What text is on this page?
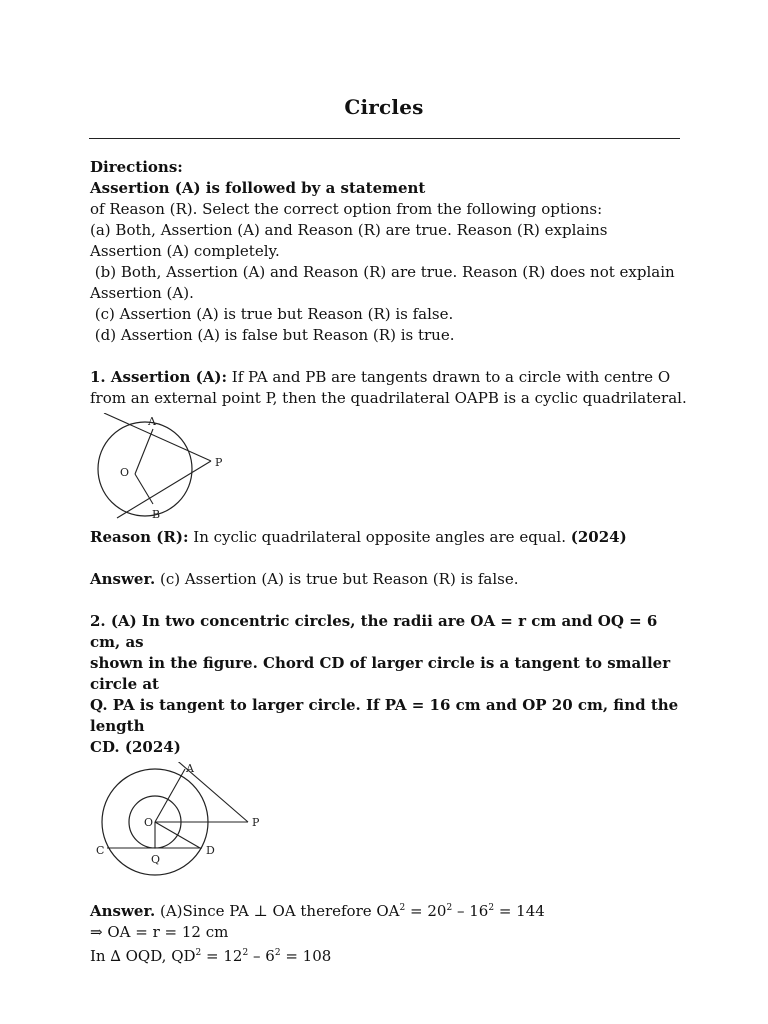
Circles

Directions:

Assertion (A) is followed by a statement

of Reason (R). Select the correct option from the following options:

(a) Both, Assertion (A) and Reason (R) are true. Reason (R) explains

Assertion (A) completely.

(b) Both, Assertion (A) and Reason (R) are true. Reason (R) does not explain

Assertion (A).

(c) Assertion (A) is true but Reason (R) is false.

(d) Assertion (A) is false but Reason (R) is true.

1. Assertion (A): If PA and PB are tangents drawn to a circle with centre O

from an external point P, then the quadrilateral OAPB is a cyclic quadrilateral.

A
O
P
B

Reason (R): In cyclic quadrilateral opposite angles are equal. (2024)

Answer. (c) Assertion (A) is true but Reason (R) is false.

2. (A) In two concentric circles, the radii are OA = r cm and OQ = 6 cm, as

shown in the figure. Chord CD of larger circle is a tangent to smaller circle at

Q. PA is tangent to larger circle. If PA = 16 cm and OP 20 cm, find the length

CD. (2024)

A
O	P
C
Q
D

Answer. (A)Since PA ⊥ OA therefore $OA^2 = 20^2 - 16^2 = 144$

⇒ OA = r = 12 cm

In ∆ OQD, $QD^2 = 12^2 - 6^2 = 108$
